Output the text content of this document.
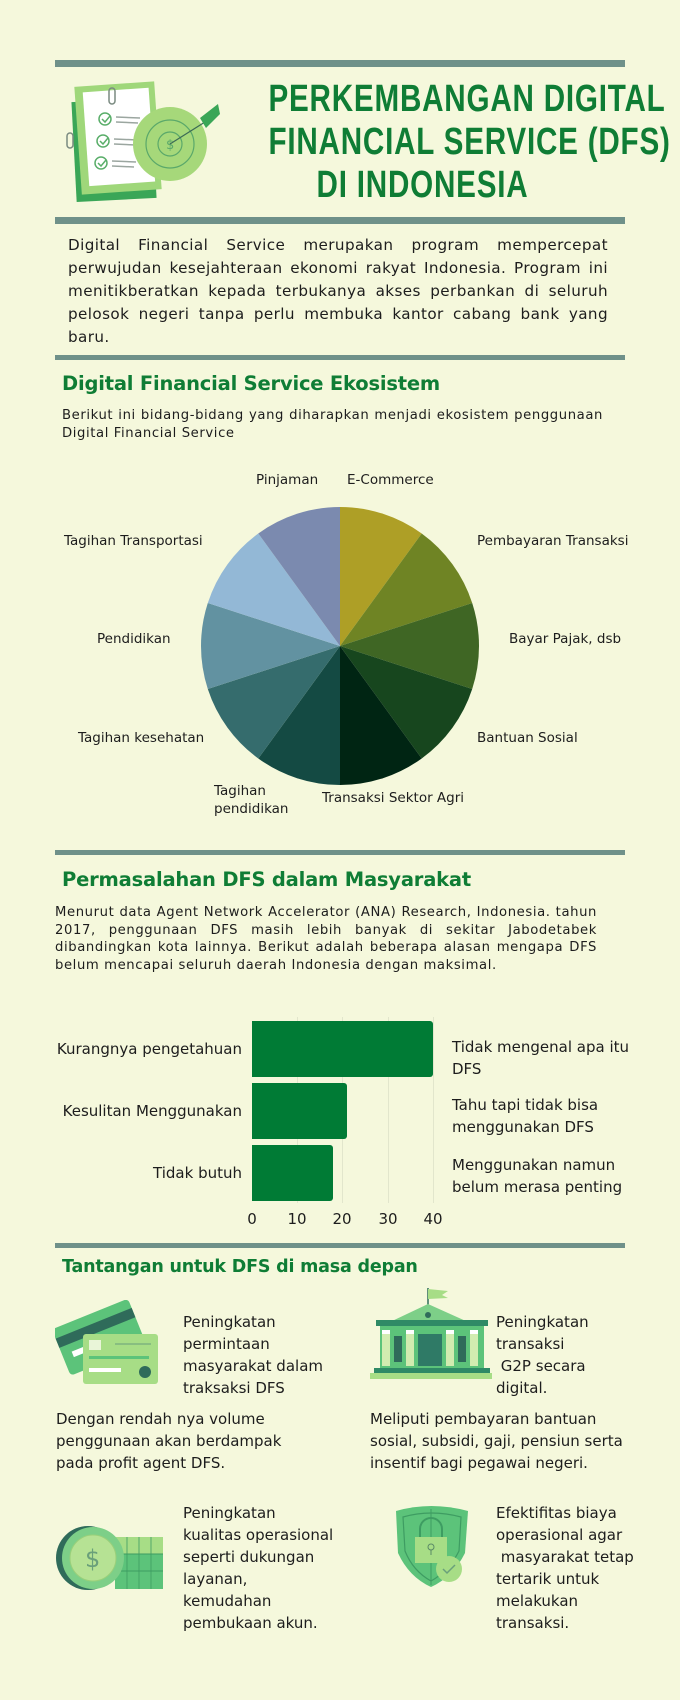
$
PERKEMBANGAN DIGITAL
FINANCIAL SERVICE (DFS)
DI INDONESIA
Digital Financial Service merupakan program mempercepat perwujudan kesejahteraan ekonomi rakyat Indonesia. Program ini menitikberatkan kepada terbukanya akses perbankan di seluruh pelosok negeri tanpa perlu membuka kantor cabang bank yang baru.
Digital Financial Service Ekosistem
Berikut ini bidang-bidang yang diharapkan menjadi ekosistem penggunaan Digital Financial Service
Pinjaman E-Commerce
Tagihan Transportasi	Pembayaran Transaksi
Pendidikan	Bayar Pajak, dsb
Tagihan kesehatan	Bantuan Sosial
Tagihan pendidikan
Transaksi Sektor Agri
Permasalahan DFS dalam Masyarakat
Menurut data Agent Network Accelerator (ANA) Research, Indonesia. tahun 2017, penggunaan DFS masih lebih banyak di sekitar Jabodetabek dibandingkan kota lainnya. Berikut adalah beberapa alasan mengapa DFS belum mencapai seluruh daerah Indonesia dengan maksimal.
Kurangnya pengetahuan
Kesulitan Menggunakan
Tidak butuh
0	10	20	30	40
Tidak mengenal apa itu
DFS
Tahu tapi tidak bisa
menggunakan DFS
Menggunakan namun
belum merasa penting
Tantangan untuk DFS di masa depan
Peningkatan
permintaan
masyarakat dalam
traksaksi DFS
Dengan rendah nya volume
penggunaan akan berdampak
pada profit agent DFS.
Peningkatan
transaksi
G2P secara
digital.
Meliputi pembayaran bantuan
sosial, subsidi, gaji, pensiun serta
insentif bagi pegawai negeri.
$
Peningkatan
kualitas operasional
seperti dukungan
layanan,
kemudahan
pembukaan akun.
Efektifitas biaya
operasional agar
masyarakat tetap
tertarik untuk
melakukan
transaksi.
